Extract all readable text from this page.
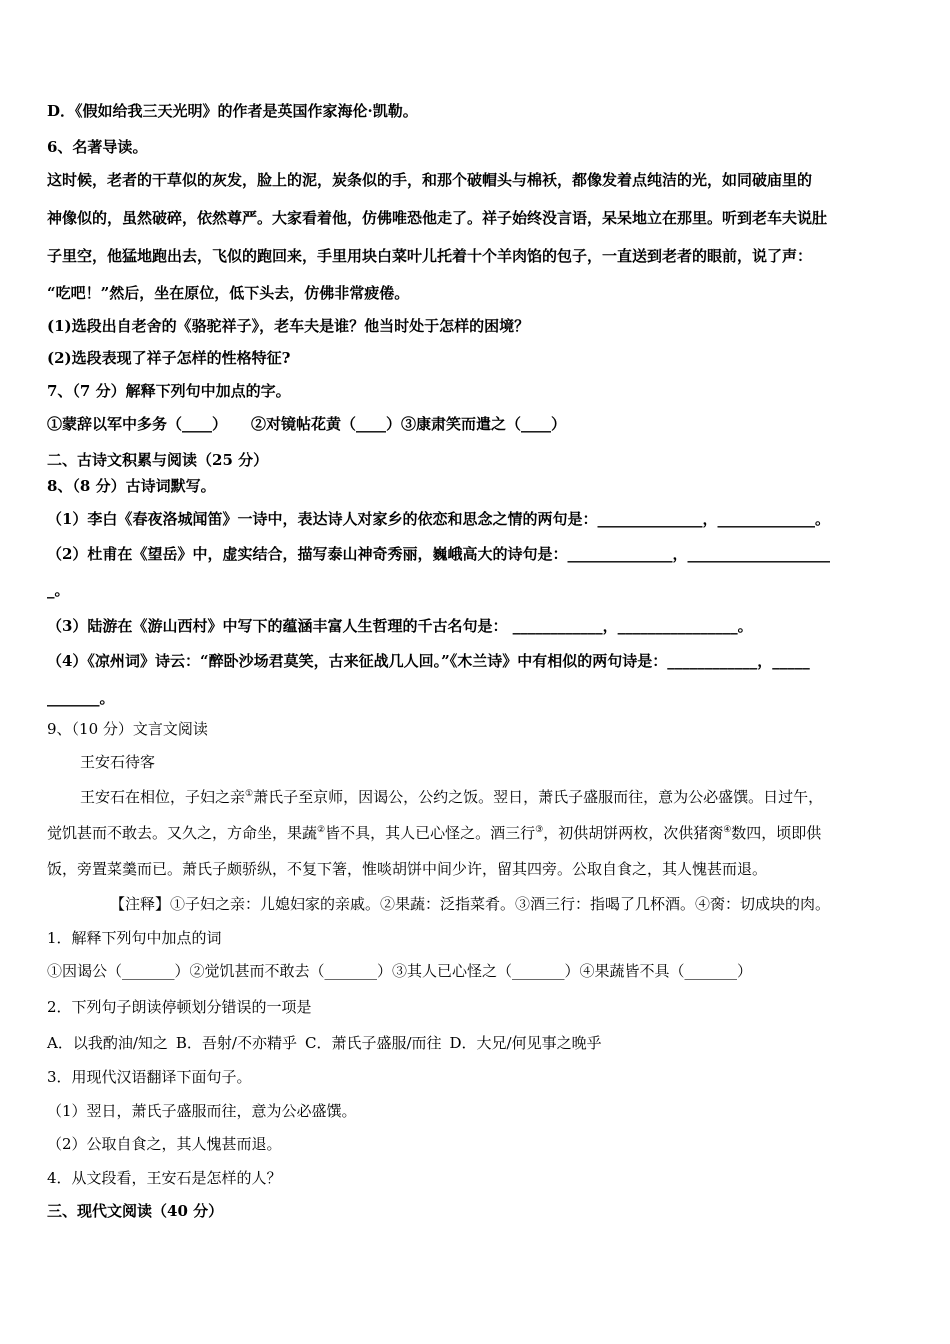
D．《假如给我三天光明》的作者是英国作家海伦·凯勒。
6、名著导读。
这时候，老者的干草似的灰发，脸上的泥，炭条似的手，和那个破帽头与棉袄，都像发着点纯洁的光，如同破庙里的
神像似的，虽然破碎，依然尊严。大家看着他，仿佛唯恐他走了。祥子始终没言语，呆呆地立在那里。听到老车夫说肚
子里空，他猛地跑出去，飞似的跑回来，手里用块白菜叶儿托着十个羊肉馅的包子，一直送到老者的眼前，说了声：
“吃吧！”然后，坐在原位，低下头去，仿佛非常疲倦。
(1)选段出自老舍的《骆驼祥子》，老车夫是谁？他当时处于怎样的困境？
(2)选段表现了祥子怎样的性格特征?
7、（7 分）解释下列句中加点的字。
①蒙辞以军中多务（____） ②对镜帖花黄（____）③康肃笑而遣之（____）
二、古诗文积累与阅读（25 分）
8、（8 分）古诗词默写。
（1）李白《春夜洛城闻笛》一诗中，表达诗人对家乡的依恋和思念之情的两句是：______________，_____________。
（2）杜甫在《望岳》中，虚实结合，描写泰山神奇秀丽，巍峨高大的诗句是：______________，___________________
_。
（3）陆游在《游山西村》中写下的蕴涵丰富人生哲理的千古名句是： ____________，________________。
（4）《凉州词》诗云：“醉卧沙场君莫笑，古来征战几人回。”《木兰诗》中有相似的两句诗是：____________，_____
_______。
9、（10 分）文言文阅读
王安石待客
王安石在相位，子妇之亲①萧氏子至京师，因谒公，公约之饭。翌日，萧氏子盛服而往，意为公必盛馔。日过午，
觉饥甚而不敢去。又久之，方命坐，果蔬②皆不具，其人已心怪之。酒三行③，初供胡饼两枚，次供猪脔④数四，顷即供
饭，旁置菜羹而已。萧氏子颇骄纵，不复下箸，惟啖胡饼中间少许，留其四旁。公取自食之，其人愧甚而退。
【注释】①子妇之亲：儿媳妇家的亲戚。②果蔬：泛指菜肴。③酒三行：指喝了几杯酒。④脔：切成块的肉。
1．解释下列句中加点的词
①因谒公（_______）②觉饥甚而不敢去（_______）③其人已心怪之（_______）④果蔬皆不具（_______）
2．下列句子朗读停顿划分错误的一项是
A．以我酌油/知之 B．吾射/不亦精乎 C．萧氏子盛服/而往 D．大兄/何见事之晚乎
3．用现代汉语翻译下面句子。
（1）翌日，萧氏子盛服而往，意为公必盛馔。
（2）公取自食之，其人愧甚而退。
4．从文段看，王安石是怎样的人？
三、现代文阅读（40 分）
